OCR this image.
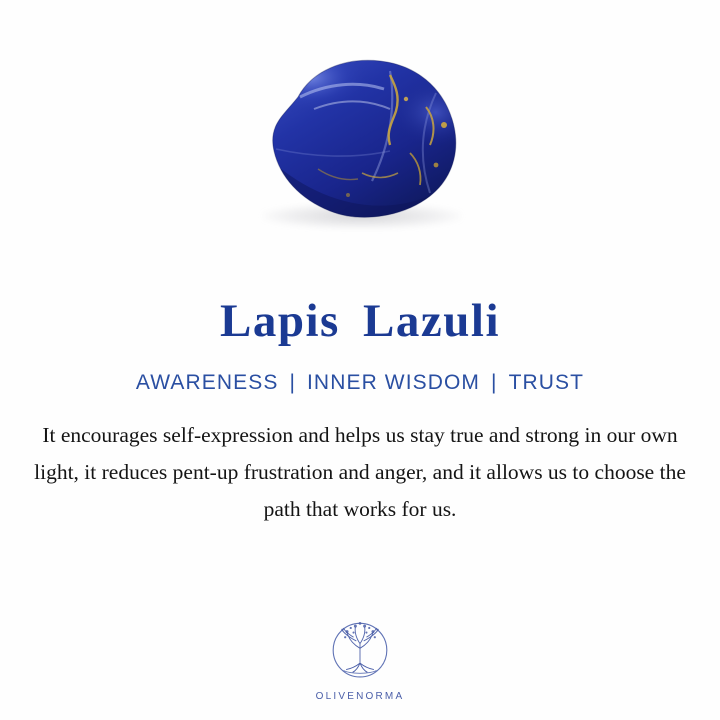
Lapis Lazuli
AWARENESS | INNER WISDOM | TRUST
It encourages self-expression and helps us stay true and strong in our own light, it reduces pent-up frustration and anger, and it allows us to choose the path that works for us.
OLIVENORMA
